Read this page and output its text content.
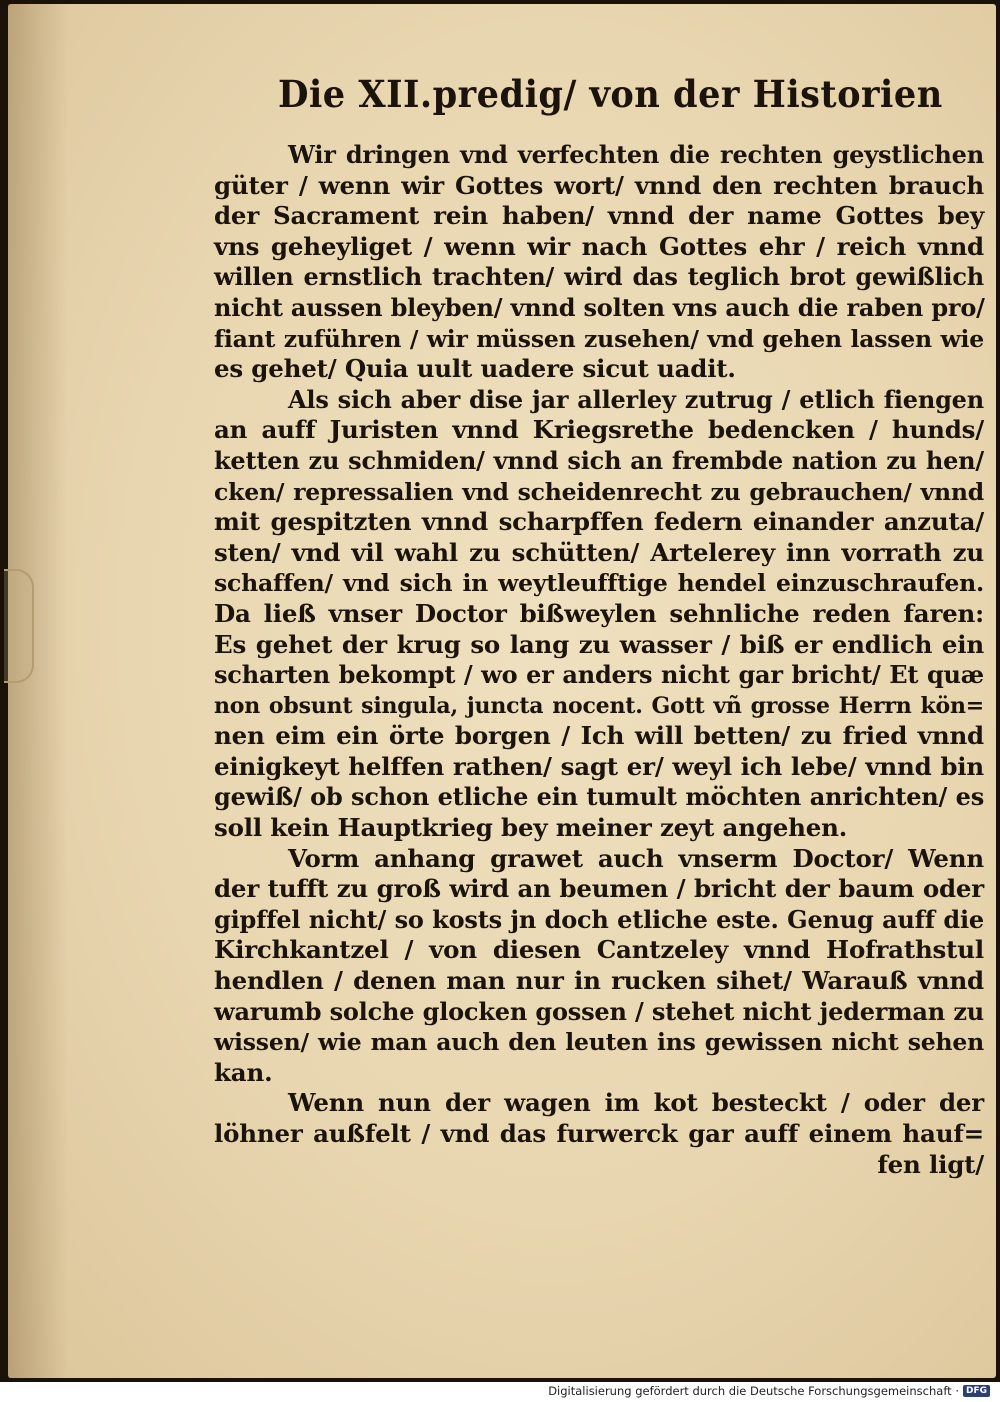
Die XII.predig/ von der Historien
Wir dringen vnd verfechten die rechten geystlichen
güter / wenn wir Gottes wort/ vnnd den rechten brauch
der Sacrament rein haben/ vnnd der name Gottes bey
vns geheyliget / wenn wir nach Gottes ehr / reich vnnd
willen ernstlich trachten/ wird das teglich brot gewißlich
nicht aussen bleyben/ vnnd solten vns auch die raben pro/
fiant zuführen / wir müssen zusehen/ vnd gehen lassen wie
es gehet/ Quia uult uadere sicut uadit.
Als sich aber dise jar allerley zutrug / etlich fiengen
an auff Juristen vnnd Kriegsrethe bedencken / hunds/
ketten zu schmiden/ vnnd sich an frembde nation zu hen/
cken/ repressalien vnd scheidenrecht zu gebrauchen/ vnnd
mit gespitzten vnnd scharpffen federn einander anzuta/
sten/ vnd vil wahl zu schütten/ Artelerey inn vorrath zu
schaffen/ vnd sich in weytleufftige hendel einzuschraufen.
Da ließ vnser Doctor bißweylen sehnliche reden faren:
Es gehet der krug so lang zu wasser / biß er endlich ein
scharten bekompt / wo er anders nicht gar bricht/ Et quæ
non obsunt singula, juncta nocent. Gott vñ grosse Herrn kön=
nen eim ein örte borgen / Ich will betten/ zu fried vnnd
einigkeyt helffen rathen/ sagt er/ weyl ich lebe/ vnnd bin
gewiß/ ob schon etliche ein tumult möchten anrichten/ es
soll kein Hauptkrieg bey meiner zeyt angehen.
Vorm anhang grawet auch vnserm Doctor/ Wenn
der tufft zu groß wird an beumen / bricht der baum oder
gipffel nicht/ so kosts jn doch etliche este. Genug auff die
Kirchkantzel / von diesen Cantzeley vnnd Hofrathstul
hendlen / denen man nur in rucken sihet/ Warauß vnnd
warumb solche glocken gossen / stehet nicht jederman zu
wissen/ wie man auch den leuten ins gewissen nicht sehen
kan.
Wenn nun der wagen im kot besteckt / oder der
löhner außfelt / vnd das furwerck gar auff einem hauf=
fen ligt/
Digitalisierung gefördert durch die Deutsche Forschungsgemeinschaft · DFG
